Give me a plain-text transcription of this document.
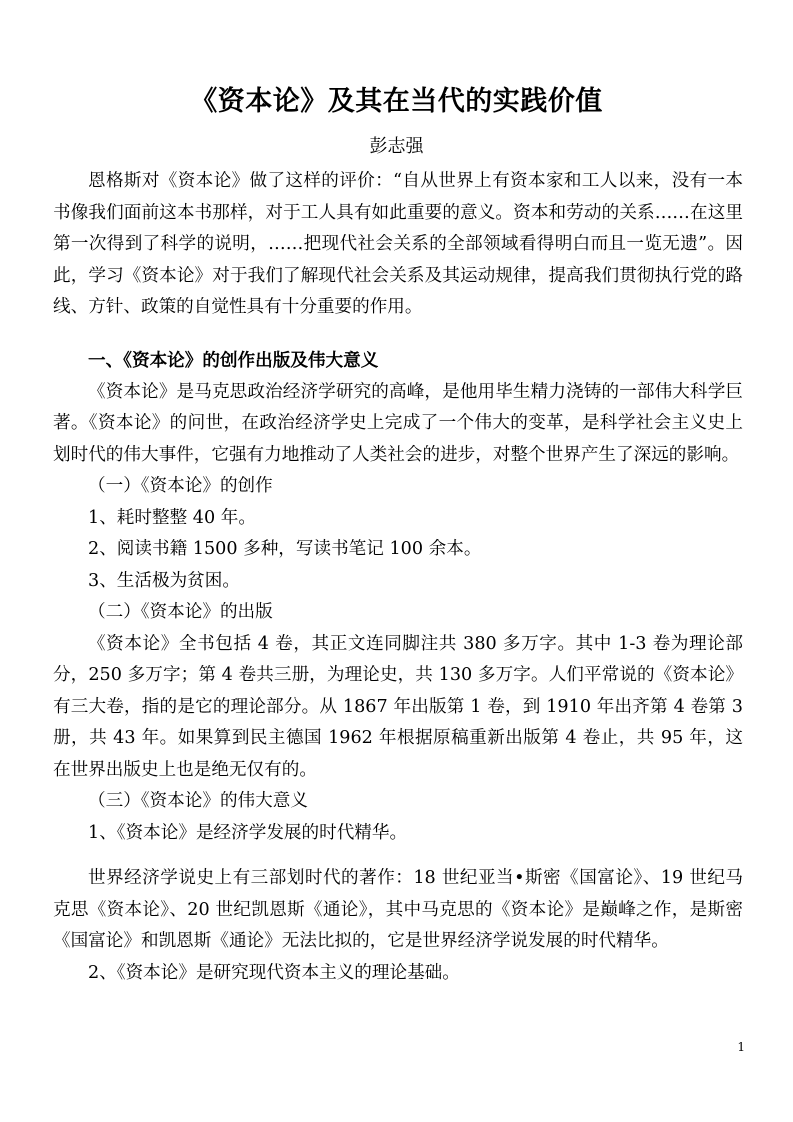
《资本论》及其在当代的实践价值
彭志强

恩格斯对《资本论》做了这样的评价：“自从世界上有资本家和工人以来，没有一本书像我们面前这本书那样，对于工人具有如此重要的意义。资本和劳动的关系……在这里第一次得到了科学的说明，……把现代社会关系的全部领域看得明白而且一览无遗”。因此，学习《资本论》对于我们了解现代社会关系及其运动规律，提高我们贯彻执行党的路线、方针、政策的自觉性具有十分重要的作用。

一、《资本论》的创作出版及伟大意义

《资本论》是马克思政治经济学研究的高峰，是他用毕生精力浇铸的一部伟大科学巨著。《资本论》的问世，在政治经济学史上完成了一个伟大的变革，是科学社会主义史上划时代的伟大事件，它强有力地推动了人类社会的进步，对整个世界产生了深远的影响。

（一）《资本论》的创作

1、耗时整整 40 年。

2、阅读书籍 1500 多种，写读书笔记 100 余本。

3、生活极为贫困。

（二）《资本论》的出版

《资本论》全书包括 4 卷，其正文连同脚注共 380 多万字。其中 1-3 卷为理论部分，250 多万字；第 4 卷共三册，为理论史，共 130 多万字。人们平常说的《资本论》有三大卷，指的是它的理论部分。从 1867 年出版第 1 卷，到 1910 年出齐第 4 卷第 3 册，共 43 年。如果算到民主德国 1962 年根据原稿重新出版第 4 卷止，共 95 年，这在世界出版史上也是绝无仅有的。

（三）《资本论》的伟大意义

1、《资本论》是经济学发展的时代精华。

世界经济学说史上有三部划时代的著作：18 世纪亚当•斯密《国富论》、19 世纪马克思《资本论》、20 世纪凯恩斯《通论》，其中马克思的《资本论》是巅峰之作，是斯密《国富论》和凯恩斯《通论》无法比拟的，它是世界经济学说发展的时代精华。

2、《资本论》是研究现代资本主义的理论基础。

1
